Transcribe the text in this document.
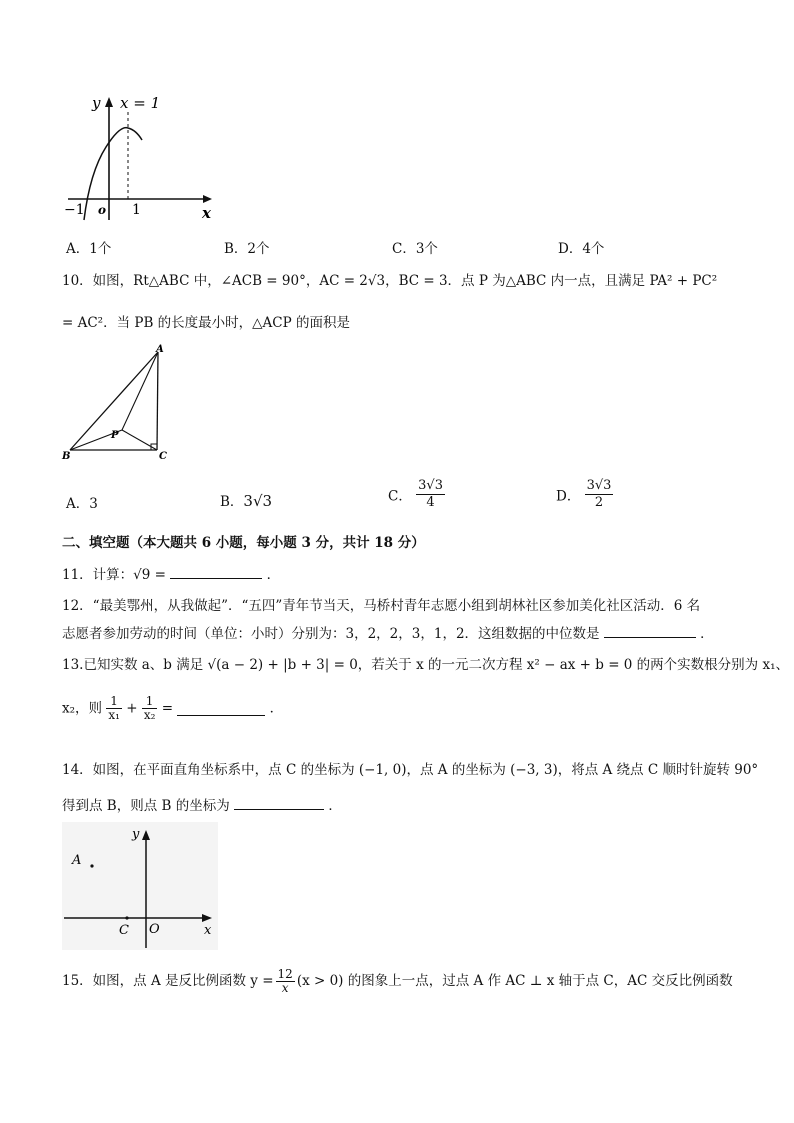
y x = 1
x
o
−1	1
A．1个	B．2个	C．3个	D．4个
10．如图，Rt△ABC 中，∠ACB = 90°，AC = 2√3，BC = 3．点 P 为△ABC 内一点，且满足 PA² + PC²
= AC²．当 PB 的长度最小时，△ACP 的面积是
A
B	C
P
A．3	B．3√3	C． $\frac{3√3}{4}$	D． $\frac{3√3}{2}$
二、填空题（本大题共 6 小题，每小题 3 分，共计 18 分）
11．计算：√9 =	．
12．“最美鄂州，从我做起”．“五四”青年节当天，马桥村青年志愿小组到胡林社区参加美化社区活动．6 名
志愿者参加劳动的时间（单位：小时）分别为：3，2，2，3，1，2．这组数据的中位数是	．
13.已知实数 a、b 满足 √(a − 2) + |b + 3| = 0，若关于 x 的一元二次方程 x² − ax + b = 0 的两个实数根分别为 x₁、
x₂，则 $\frac{1}{\text{x₁}} + \frac{1}{\text{x₂}}$ =	．
14．如图，在平面直角坐标系中，点 C 的坐标为 (−1, 0)，点 A 的坐标为 (−3, 3)，将点 A 绕点 C 顺时针旋转 90°
得到点 B，则点 B 的坐标为	．
y
x
A
C O
15．如图，点 A 是反比例函数 $y = \frac{12}{x} (x > 0)$ 的图象上一点，过点 A 作 AC ⊥ x 轴于点 C，AC 交反比例函数
